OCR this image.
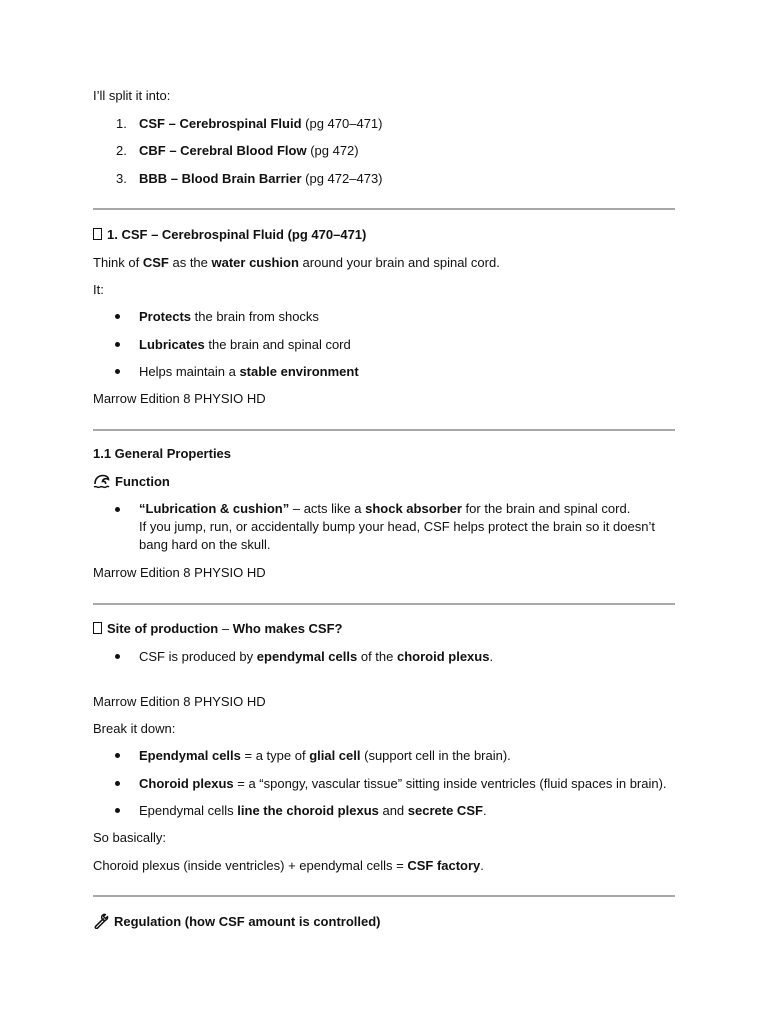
I’ll split it into:
1. CSF – Cerebrospinal Fluid (pg 470–471)
2. CBF – Cerebral Blood Flow (pg 472)
3. BBB – Blood Brain Barrier (pg 472–473)
1. CSF – Cerebrospinal Fluid (pg 470–471)
Think of CSF as the water cushion around your brain and spinal cord.
It:
Protects the brain from shocks
Lubricates the brain and spinal cord
Helps maintain a stable environment
Marrow Edition 8 PHYSIO HD
1.1 General Properties
Function
“Lubrication & cushion” – acts like a shock absorber for the brain and spinal cord.
If you jump, run, or accidentally bump your head, CSF helps protect the brain so it doesn’t
bang hard on the skull.
Marrow Edition 8 PHYSIO HD
Site of production – Who makes CSF?
CSF is produced by ependymal cells of the choroid plexus.
Marrow Edition 8 PHYSIO HD
Break it down:
Ependymal cells = a type of glial cell (support cell in the brain).
Choroid plexus = a “spongy, vascular tissue” sitting inside ventricles (fluid spaces in brain).
Ependymal cells line the choroid plexus and secrete CSF.
So basically:
Choroid plexus (inside ventricles) + ependymal cells = CSF factory.
Regulation (how CSF amount is controlled)
